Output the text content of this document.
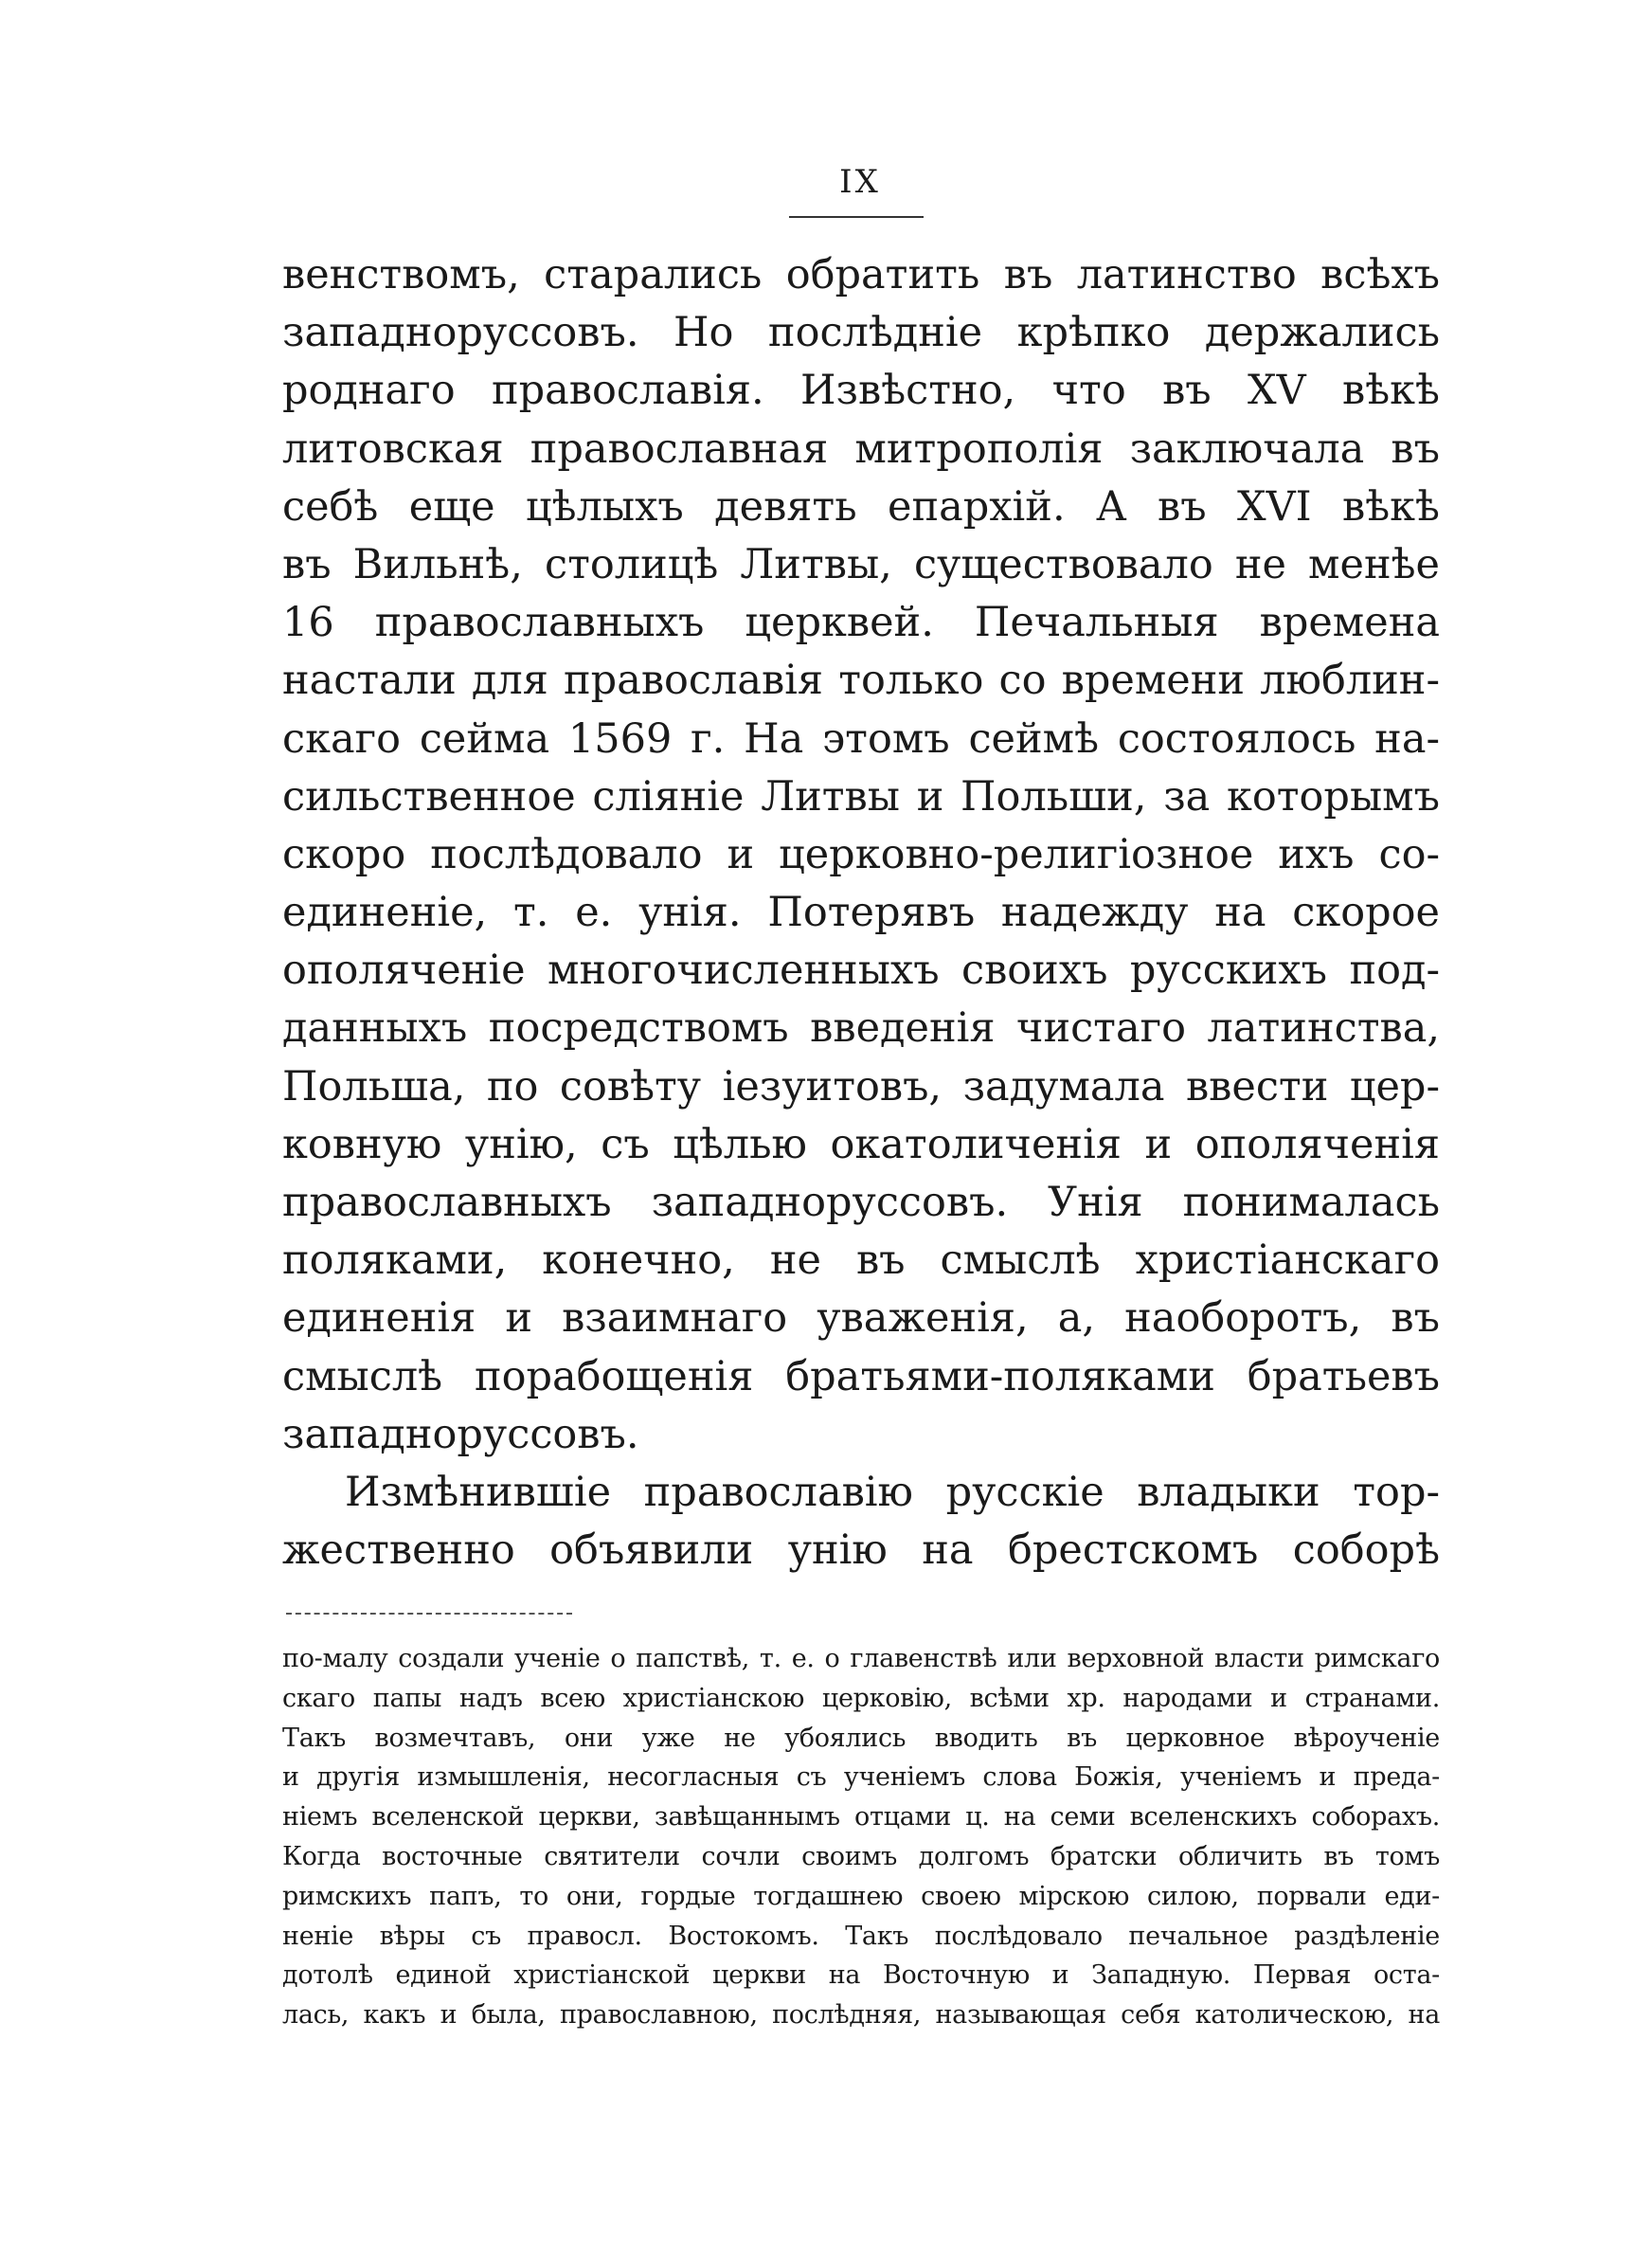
IX
венствомъ, старались обратить въ латинство всѣхъ
западноруссовъ. Но послѣдніе крѣпко держались
роднаго православія. Извѣстно, что въ XV вѣкѣ
литовская православная митрополія заключала въ
себѣ еще цѣлыхъ девять епархій. А въ XVI вѣкѣ
въ Вильнѣ, столицѣ Литвы, существовало не менѣе
16 православныхъ церквей. Печальныя времена
настали для православія только со времени люблин-
скаго сейма 1569 г. На этомъ сеймѣ состоялось на-
сильственное сліяніе Литвы и Польши, за которымъ
скоро послѣдовало и церковно-религіозное ихъ со-
единеніе, т. е. унія. Потерявъ надежду на скорое
ополяченіе многочисленныхъ своихъ русскихъ под-
данныхъ посредствомъ введенія чистаго латинства,
Польша, по совѣту іезуитовъ, задумала ввести цер-
ковную унію, съ цѣлью окатоличенія и ополяченія
православныхъ западноруссовъ. Унія понималась
поляками, конечно, не въ смыслѣ христіанскаго
единенія и взаимнаго уваженія, а, наоборотъ, въ
смыслѣ порабощенія братьями-поляками братьевъ
западноруссовъ.
Измѣнившіе православію русскіе владыки тор-
жественно объявили унію на брестскомъ соборѣ
по-малу создали ученіе о папствѣ, т. е. о главенствѣ или верховной власти римскаго
скаго папы надъ всею христіанскою церковію, всѣми хр. народами и странами.
Такъ возмечтавъ, они уже не убоялись вводить въ церковное вѣроученіе
и другія измышленія, несогласныя съ ученіемъ слова Божія, ученіемъ и преда-
ніемъ вселенской церкви, завѣщаннымъ отцами ц. на семи вселенскихъ соборахъ.
Когда восточные святители сочли своимъ долгомъ братски обличить въ томъ
римскихъ папъ, то они, гордые тогдашнею своею мірскою силою, порвали еди-
неніе вѣры съ правосл. Востокомъ. Такъ послѣдовало печальное раздѣленіе
дотолѣ единой христіанской церкви на Восточную и Западную. Первая оста-
лась, какъ и была, православною, послѣдняя, называющая себя католическою, на
